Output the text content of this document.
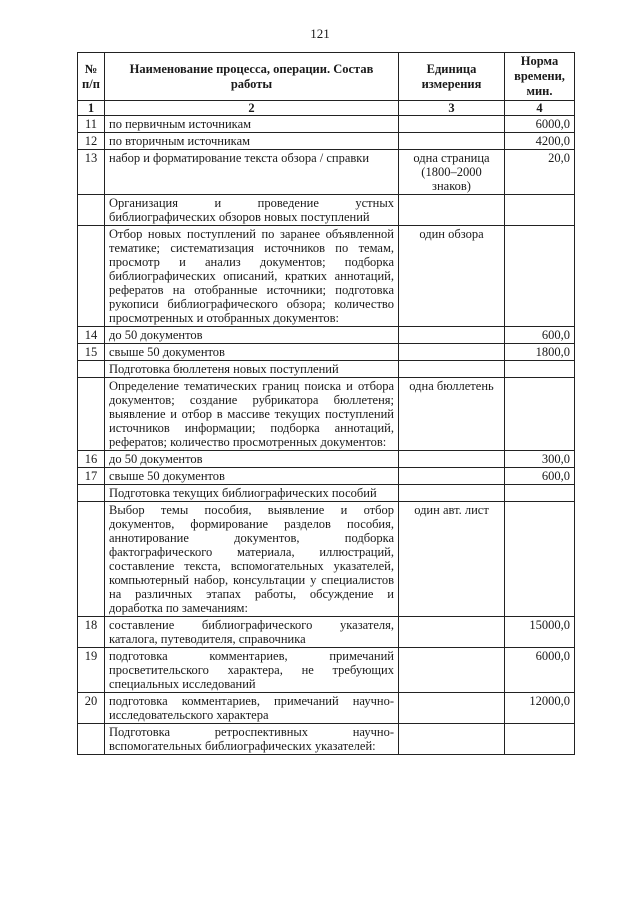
121
№ п/п	Наименование процесса, операции. Состав работы	Единица измерения	Норма времени, мин.
1	2	3	4
11	по первичным источникам		6000,0
12	по вторичным источникам		4200,0
13	набор и форматирование текста обзора / справки	одна страница (1800–2000 знаков)	20,0
	Организация и проведение устных библиографических обзоров новых поступлений		
	Отбор новых поступлений по заранее объявленной тематике; систематизация источников по темам, просмотр и анализ документов; подборка библиографических описаний, кратких аннотаций, рефератов на отобранные источники; подготовка рукописи библиографического обзора; количество просмотренных и отобранных документов:	один обзора	
14	до 50 документов		600,0
15	свыше 50 документов		1800,0
	Подготовка бюллетеня новых поступлений		
	Определение тематических границ поиска и отбора документов; создание рубрикатора бюллетеня; выявление и отбор в массиве текущих поступлений источников информации; подборка аннотаций, рефератов; количество просмотренных документов:	одна бюллетень	
16	до 50 документов		300,0
17	свыше 50 документов		600,0
	Подготовка текущих библиографических пособий		
	Выбор темы пособия, выявление и отбор документов, формирование разделов пособия, аннотирование документов, подборка фактографического материала, иллюстраций, составление текста, вспомогательных указателей, компьютерный набор, консультации у специалистов на различных этапах работы, обсуждение и доработка по замечаниям:	один авт. лист	
18	составление библиографического указателя, каталога, путеводителя, справочника		15000,0
19	подготовка комментариев, примечаний просветительского характера, не требующих специальных исследований		6000,0
20	подготовка комментариев, примечаний научно-исследовательского характера		12000,0
	Подготовка ретроспективных научно-вспомогательных библиографических указателей:		
